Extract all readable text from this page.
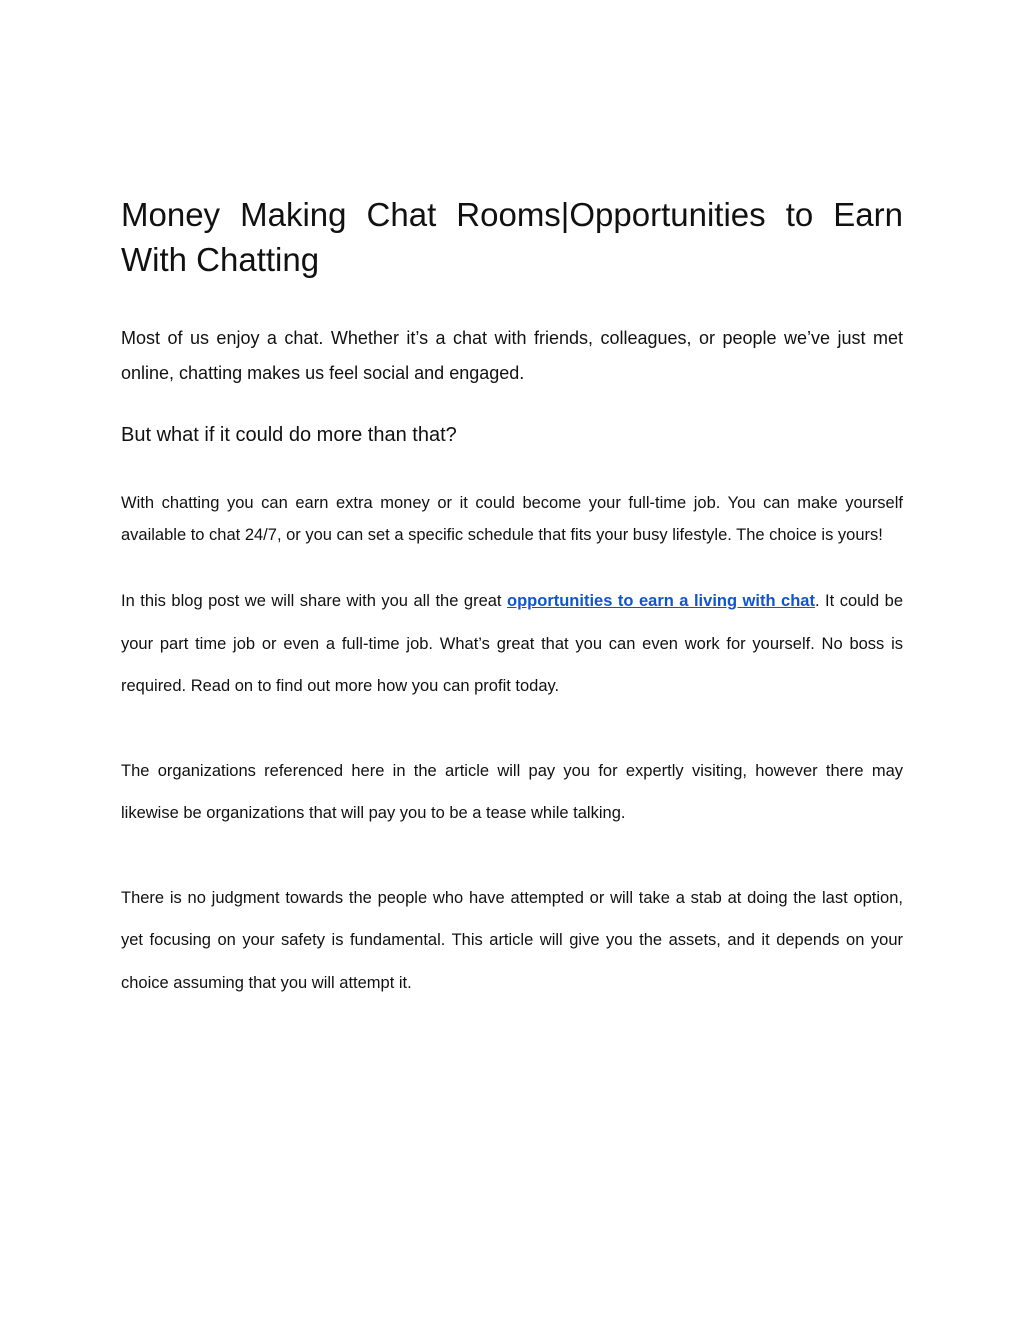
Money Making Chat Rooms|Opportunities to Earn With Chatting

Most of us enjoy a chat. Whether it’s a chat with friends, colleagues, or people we’ve just met online, chatting makes us feel social and engaged.

But what if it could do more than that?

With chatting you can earn extra money or it could become your full-time job. You can make yourself available to chat 24/7, or you can set a specific schedule that fits your busy lifestyle. The choice is yours!

In this blog post we will share with you all the great opportunities to earn a living with chat. It could be your part time job or even a full-time job. What’s great that you can even work for yourself. No boss is required. Read on to find out more how you can profit today.

The organizations referenced here in the article will pay you for expertly visiting, however there may likewise be organizations that will pay you to be a tease while talking.

There is no judgment towards the people who have attempted or will take a stab at doing the last option, yet focusing on your safety is fundamental. This article will give you the assets, and it depends on your choice assuming that you will attempt it.
